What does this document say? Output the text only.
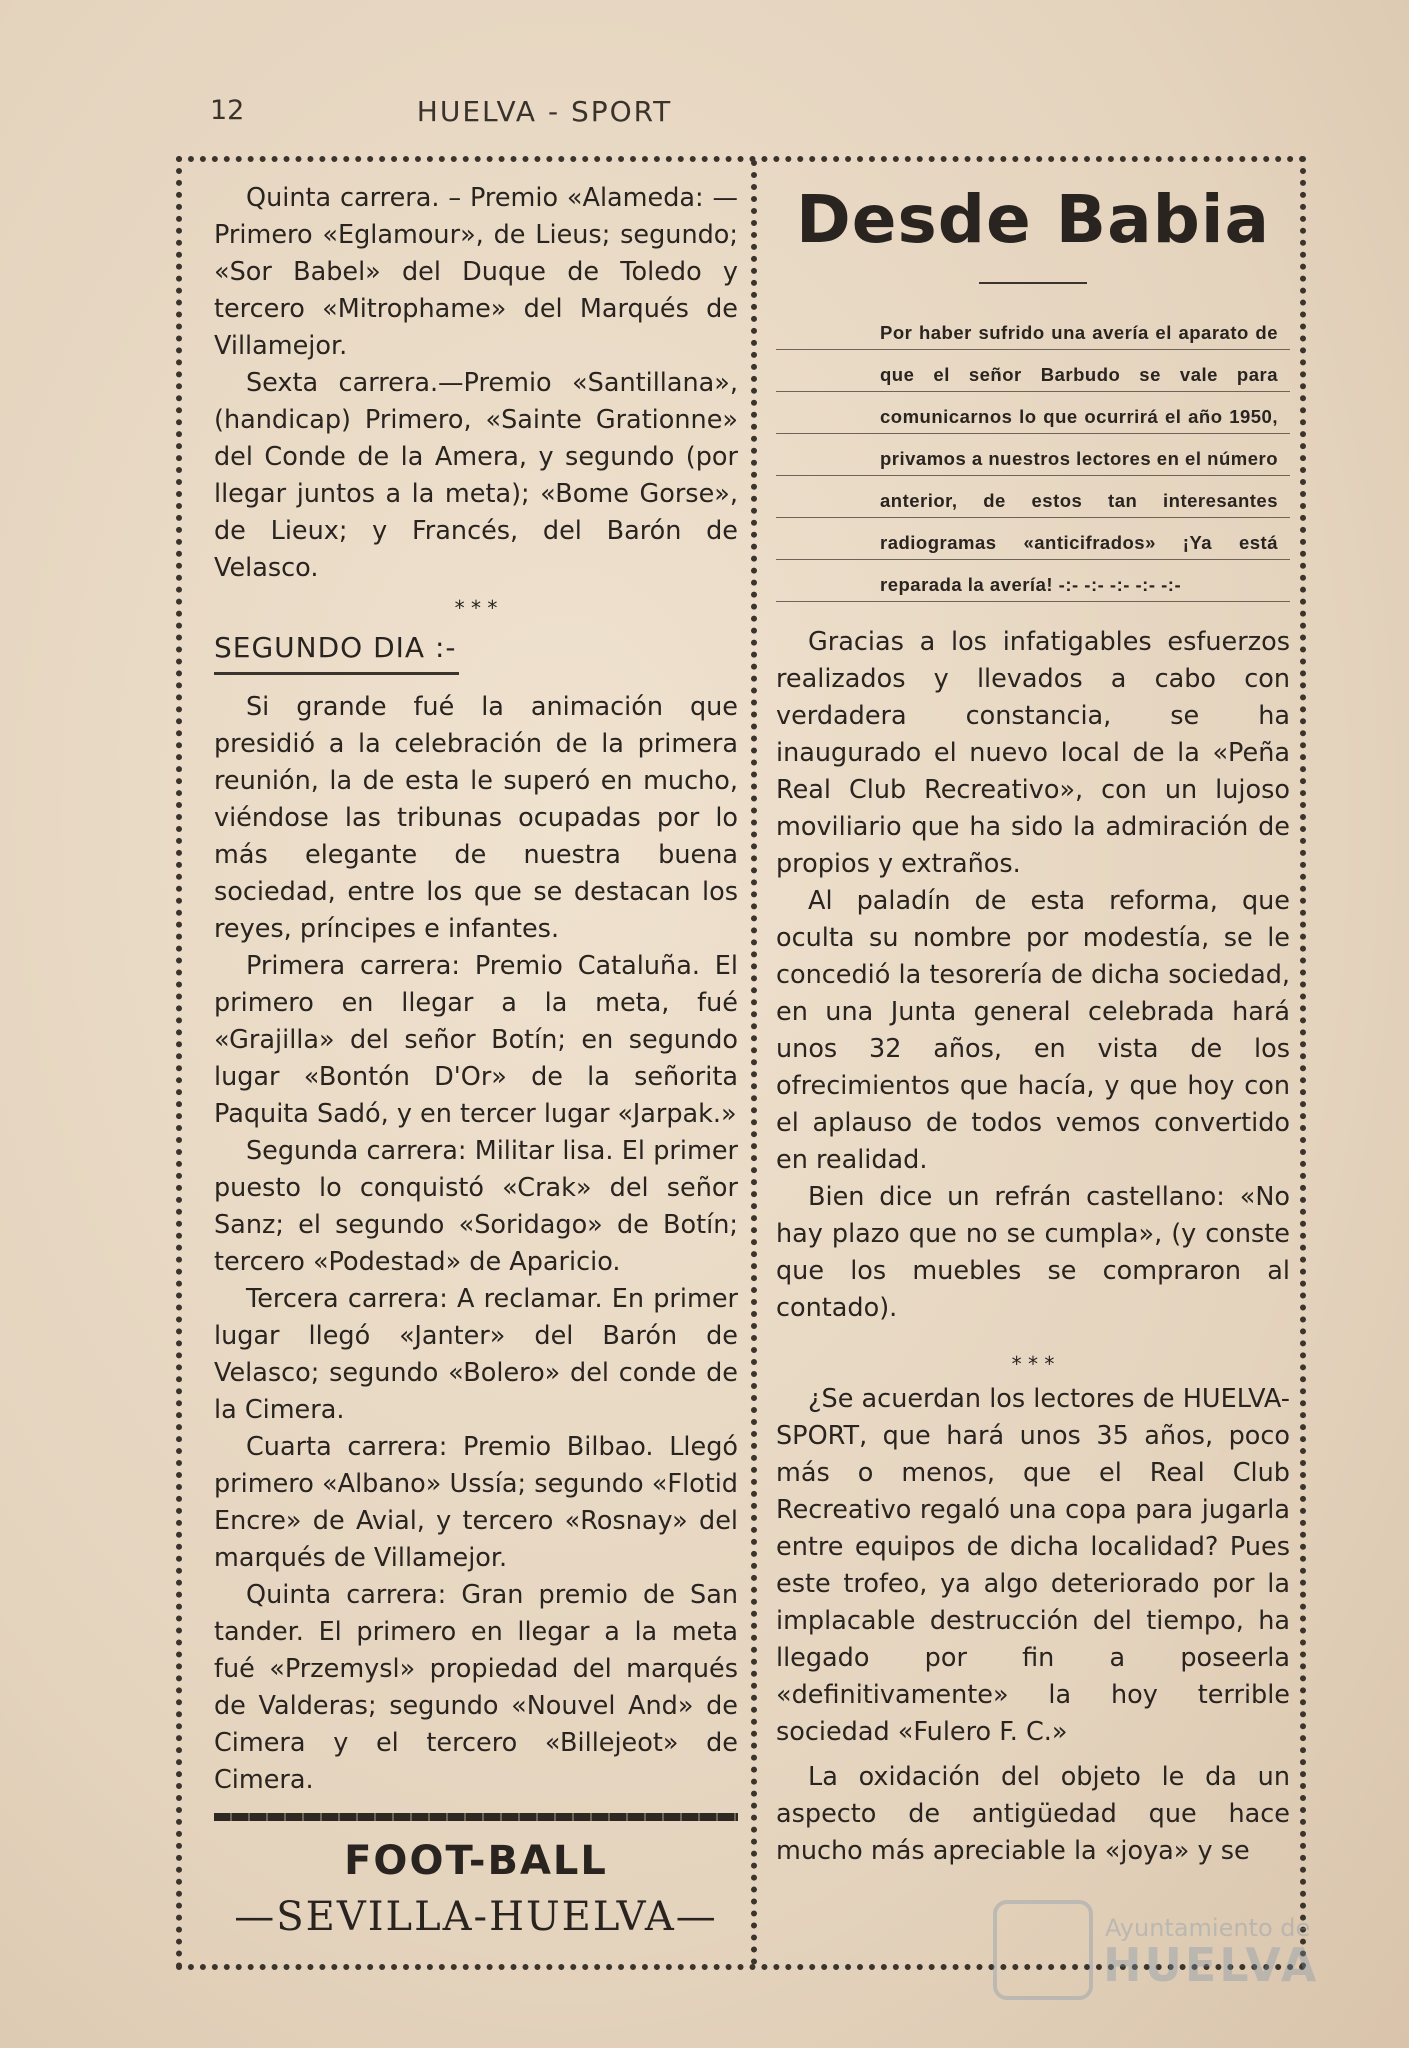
12	HUELVA - SPORT

Quinta carrera. – Premio «Alameda: —Primero «Eglamour», de Lieus; segundo; «Sor Babel» del Duque de Toledo y tercero «Mitrophame» del Marqués de Villamejor.

Sexta carrera.—Premio «Santillana», (handicap) Primero, «Sainte Grationne» del Conde de la Amera, y segundo (por llegar juntos a la meta); «Bome Gorse», de Lieux; y Francés, del Barón de Velasco.

* * *
SEGUNDO DIA :-

Si grande fué la animación que presidió a la celebración de la primera reunión, la de esta le superó en mucho, viéndose las tribunas ocupadas por lo más elegante de nuestra buena sociedad, entre los que se destacan los reyes, príncipes e infantes.

Primera carrera: Premio Cataluña. El primero en llegar a la meta, fué «Grajilla» del señor Botín; en segundo lugar «Bontón D'Or» de la señorita Paquita Sadó, y en tercer lugar «Jarpak.»

Segunda carrera: Militar lisa. El primer puesto lo conquistó «Crak» del señor Sanz; el segundo «Soridago» de Botín; tercero «Podestad» de Aparicio.

Tercera carrera: A reclamar. En primer lugar llegó «Janter» del Barón de Velasco; segundo «Bolero» del conde de la Cimera.

Cuarta carrera: Premio Bilbao. Llegó primero «Albano» Ussía; segundo «Flotid Encre» de Avial, y tercero «Rosnay» del marqués de Villamejor.

Quinta carrera: Gran premio de San tander. El primero en llegar a la meta fué «Przemysl» propiedad del marqués de Valderas; segundo «Nouvel And» de Cimera y el tercero «Billejeot» de Cimera.

FOOT-BALL
—SEVILLA-HUELVA—
Desde Babia
Por haber sufrido una avería el aparato de que el señor Barbudo se vale para comunicarnos lo que ocurrirá el año 1950, privamos a nuestros lectores en el número anterior, de estos tan interesantes radiogramas «anticifrados» ¡Ya está reparada la avería! -:- -:- -:- -:- -:-

Gracias a los infatigables esfuerzos realizados y llevados a cabo con verdadera constancia, se ha inaugurado el nuevo local de la «Peña Real Club Recreativo», con un lujoso moviliario que ha sido la admiración de propios y extraños.

Al paladín de esta reforma, que oculta su nombre por modestía, se le concedió la tesorería de dicha sociedad, en una Junta general celebrada hará unos 32 años, en vista de los ofrecimientos que hacía, y que hoy con el aplauso de todos vemos convertido en realidad.

Bien dice un refrán castellano: «No hay plazo que no se cumpla», (y conste que los muebles se compraron al contado).

* * *

¿Se acuerdan los lectores de HUELVA-SPORT, que hará unos 35 años, poco más o menos, que el Real Club Recreativo regaló una copa para jugarla entre equipos de dicha localidad? Pues este trofeo, ya algo deteriorado por la implacable destrucción del tiempo, ha llegado por fin a poseerla «definitivamente» la hoy terrible sociedad «Fulero F. C.»

La oxidación del objeto le da un aspecto de antigüedad que hace mucho más apreciable la «joya» y se

Ayuntamiento de
HUELVA
